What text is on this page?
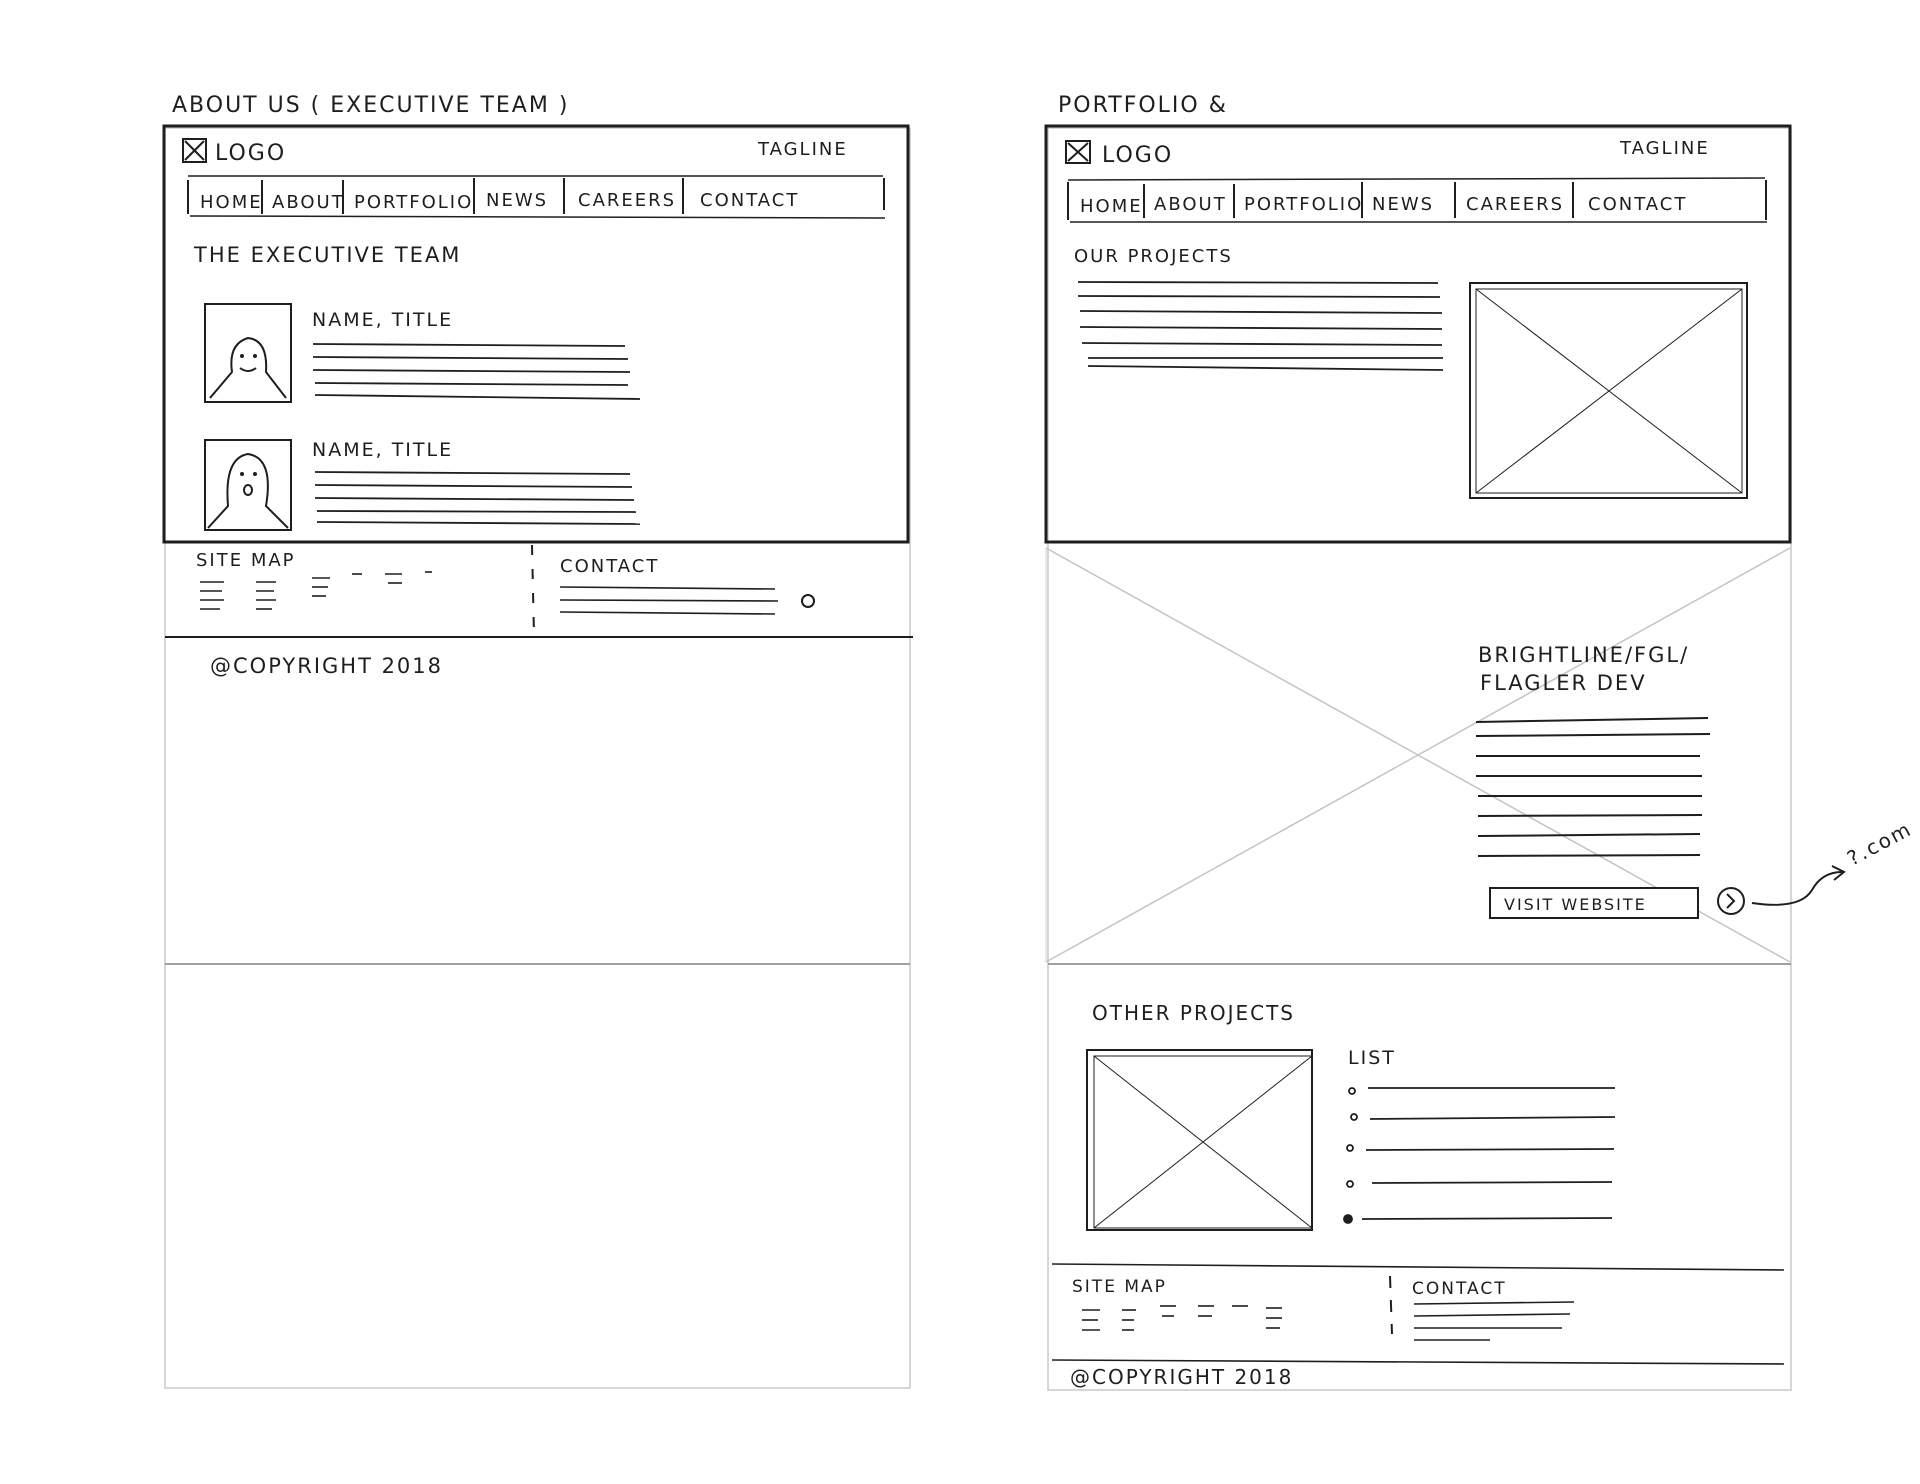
ABOUT US ( EXECUTIVE TEAM )
LOGO	TAGLINE
HOME ABOUT PORTFOLIO NEWS CAREERS CONTACT
THE EXECUTIVE TEAM
NAME, TITLE
NAME, TITLE
SITE MAP	CONTACT
@COPYRIGHT 2018
PORTFOLIO &
LOGO	TAGLINE
HOME ABOUT PORTFOLIO NEWS CAREERS CONTACT
OUR PROJECTS
BRIGHTLINE/FGL/
FLAGLER DEV
VISIT WEBSITE
?.com
OTHER PROJECTS
LIST
SITE MAP	CONTACT
@COPYRIGHT 2018
